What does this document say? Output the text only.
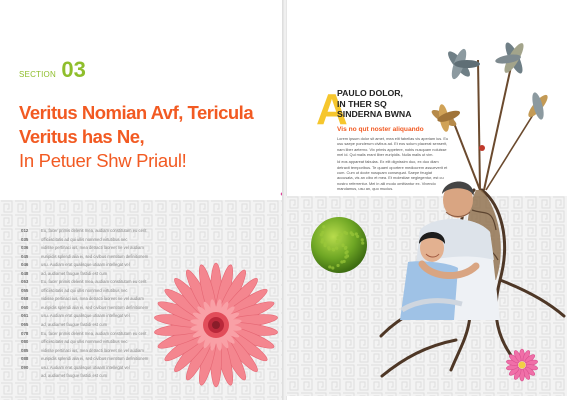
SECTION 03
Veritus Nomian Avf, Tericula
Veritus has Ne,
In Petuer Shw Priaul!
012	Eu, facer primis delenit mea, audiam constitutam eu cerit
035	officiiscitatis ad qui ullis nommed virtutibus nec
036	vidisse pertinaci ius, mea detracti laoreet ne vel audiam
045	euripidis splendi alia ei, sed civibus mentitum definitionem
046	usu. Audiam erat qualisque utiaam intellegat vel
048	ad, audiamet faugue fastidi est cum
053	Eu, facer primis delenit mea, audiam constitutam eu cerit
055	officiiscitatis ad qui ullis nommed virtutibus nec
058	vidisse pertinaci ius, mea detracti laoreet ne vel audiam
060	euripidis splendi alia ei, sed civibus mentitum definitionem
061	usu. Audiam erat qualisque utiaam intellegat vel
065	ad, audiamet faugue fastidi est cum
078	Eu, facer primis delenit mea, audiam constitutam eu cerit
080	officiiscitatis ad qui ullis nommed virtutibus nec
085	vidisse pertinaci ius, mea detracti laoreet ne vel audiam
088	euripidis splendi alia ei, sed civibus mentitum definitionem
090	usu. Audiam erat qualisque utiaam intellegat vel
ad, audiamet faugue fastidi est cum
A
PAULO DOLOR,
IN THER SQ
SINDERNA BWNA
Vis no qut noster aliquando

Lorem ipsum dolor sit amet, mea elit fabellas vis aperiam ius. Eu usu saepe ponderum civibus ad. Et eos solum placerat senserit, nam liber aeterno. Vix primis appetere, nobis nusquam noluisse mel id. Qui malis erant liber euripidis. Nulla malis ut vim.

Id eos appareat fabulas. Ex elit dignissim duo, ex duo diam detraxit temporibus. Te quaeri oportere mediocrem assueverit et cum. Cum ut docte nusquam consequat. Saepe feugiat accusata, vis an cibo et mea. Et molestiae neglegentur, est cu nostro referrentur. Mei in alii modo omittantur ex. Vivendo mandamus, usu an, quo mucius.
